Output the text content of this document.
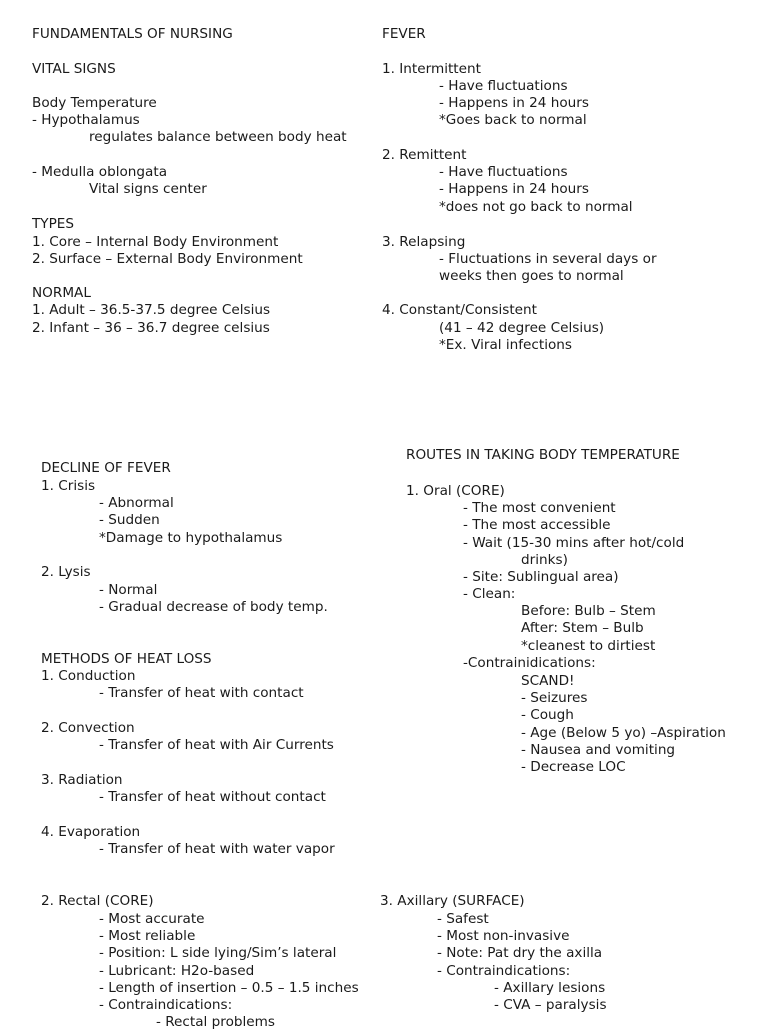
FUNDAMENTALS OF NURSING
VITAL SIGNS
Body Temperature
- Hypothalamus
regulates balance between body heat
- Medulla oblongata
Vital signs center
TYPES
1. Core – Internal Body Environment
2. Surface – External Body Environment
NORMAL
1. Adult – 36.5-37.5 degree Celsius
2. Infant – 36 – 36.7 degree celsius
FEVER
1. Intermittent
- Have fluctuations
- Happens in 24 hours
*Goes back to normal
2. Remittent
- Have fluctuations
- Happens in 24 hours
*does not go back to normal
3. Relapsing
- Fluctuations in several days or
weeks then goes to normal
4. Constant/Consistent
(41 – 42 degree Celsius)
*Ex. Viral infections
DECLINE OF FEVER
1. Crisis
- Abnormal
- Sudden
*Damage to hypothalamus
2. Lysis
- Normal
- Gradual decrease of body temp.
METHODS OF HEAT LOSS
1. Conduction
- Transfer of heat with contact
2. Convection
- Transfer of heat with Air Currents
3. Radiation
- Transfer of heat without contact
4. Evaporation
- Transfer of heat with water vapor
ROUTES IN TAKING BODY TEMPERATURE
1. Oral (CORE)
- The most convenient
- The most accessible
- Wait (15-30 mins after hot/cold
drinks)
- Site: Sublingual area)
- Clean:
Before: Bulb – Stem
After: Stem – Bulb
*cleanest to dirtiest
-Contrainidications:
SCAND!
- Seizures
- Cough
- Age (Below 5 yo) –Aspiration
- Nausea and vomiting
- Decrease LOC
2. Rectal (CORE)
- Most accurate
- Most reliable
- Position: L side lying/Sim’s lateral
- Lubricant: H2o-based
- Length of insertion – 0.5 – 1.5 inches
- Contraindications:
- Rectal problems
3. Axillary (SURFACE)
- Safest
- Most non-invasive
- Note: Pat dry the axilla
- Contraindications:
- Axillary lesions
- CVA – paralysis
